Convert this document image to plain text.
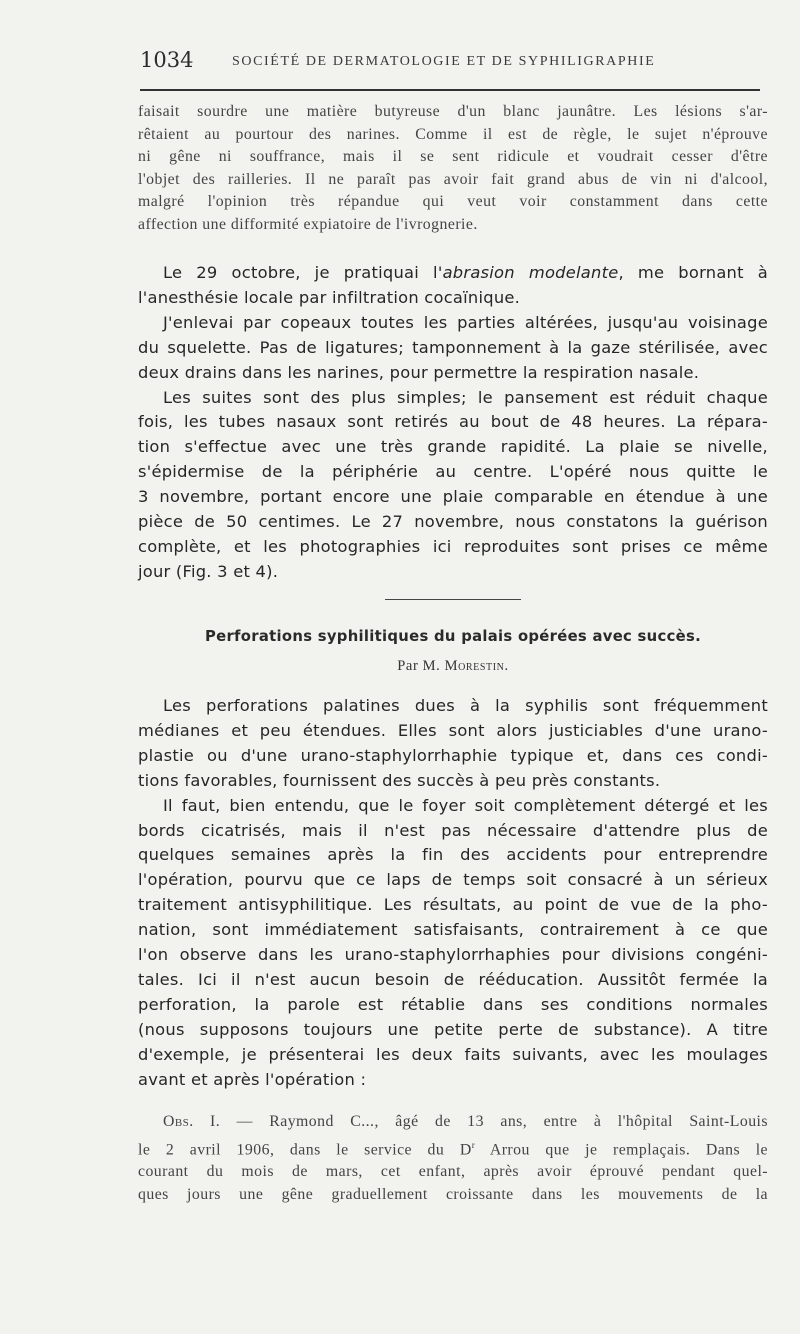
1034	SOCIÉTÉ DE DERMATOLOGIE ET DE SYPHILIGRAPHIE
faisait sourdre une matière butyreuse d'un blanc jaunâtre. Les lésions s'ar-
rêtaient au pourtour des narines. Comme il est de règle, le sujet n'éprouve
ni gêne ni souffrance, mais il se sent ridicule et voudrait cesser d'être
l'objet des railleries. Il ne paraît pas avoir fait grand abus de vin ni d'alcool,
malgré l'opinion très répandue qui veut voir constamment dans cette
affection une difformité expiatoire de l'ivrognerie.
Le 29 octobre, je pratiquai l'abrasion modelante, me bornant à
l'anesthésie locale par infiltration cocaïnique.
J'enlevai par copeaux toutes les parties altérées, jusqu'au voisinage
du squelette. Pas de ligatures; tamponnement à la gaze stérilisée, avec
deux drains dans les narines, pour permettre la respiration nasale.
Les suites sont des plus simples; le pansement est réduit chaque
fois, les tubes nasaux sont retirés au bout de 48 heures. La répara-
tion s'effectue avec une très grande rapidité. La plaie se nivelle,
s'épidermise de la périphérie au centre. L'opéré nous quitte le
3 novembre, portant encore une plaie comparable en étendue à une
pièce de 50 centimes. Le 27 novembre, nous constatons la guérison
complète, et les photographies ici reproduites sont prises ce même
jour (Fig. 3 et 4).
Perforations syphilitiques du palais opérées avec succès.
Par M. Morestin.
Les perforations palatines dues à la syphilis sont fréquemment
médianes et peu étendues. Elles sont alors justiciables d'une urano-
plastie ou d'une urano-staphylorrhaphie typique et, dans ces condi-
tions favorables, fournissent des succès à peu près constants.
Il faut, bien entendu, que le foyer soit complètement détergé et les
bords cicatrisés, mais il n'est pas nécessaire d'attendre plus de
quelques semaines après la fin des accidents pour entreprendre
l'opération, pourvu que ce laps de temps soit consacré à un sérieux
traitement antisyphilitique. Les résultats, au point de vue de la pho-
nation, sont immédiatement satisfaisants, contrairement à ce que
l'on observe dans les urano-staphylorrhaphies pour divisions congéni-
tales. Ici il n'est aucun besoin de rééducation. Aussitôt fermée la
perforation, la parole est rétablie dans ses conditions normales
(nous supposons toujours une petite perte de substance). A titre
d'exemple, je présenterai les deux faits suivants, avec les moulages
avant et après l'opération :
Obs. I. — Raymond C..., âgé de 13 ans, entre à l'hôpital Saint-Louis
le 2 avril 1906, dans le service du $D^r$ Arrou que je remplaçais. Dans le
courant du mois de mars, cet enfant, après avoir éprouvé pendant quel-
ques jours une gêne graduellement croissante dans les mouvements de la
